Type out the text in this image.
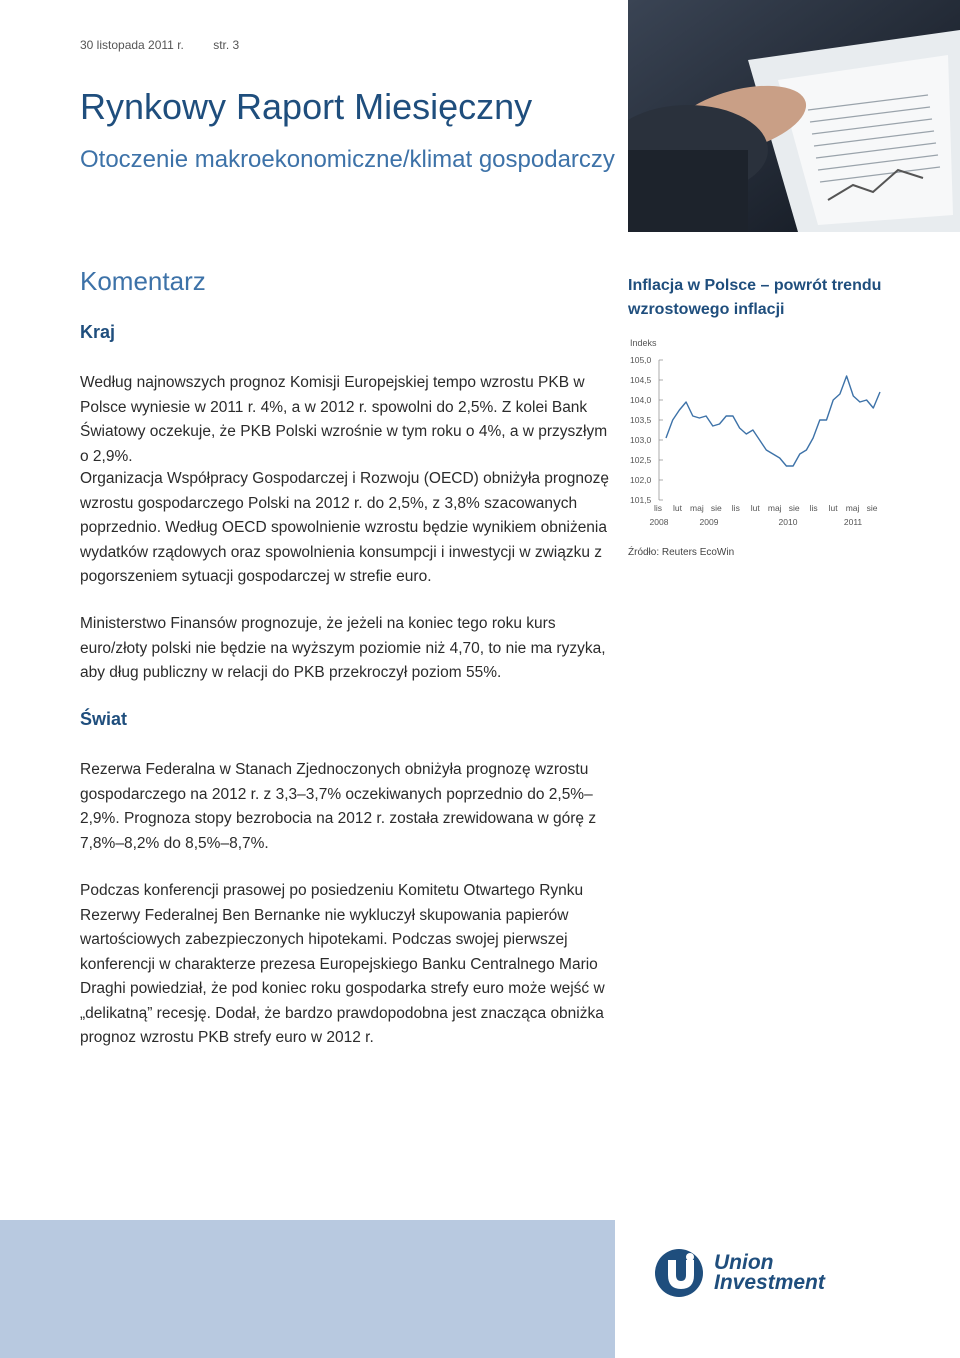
30 listopada 2011 r. str. 3
Rynkowy Raport Miesięczny
Otoczenie makroekonomiczne/klimat gospodarczy
Komentarz
Kraj

Według najnowszych prognoz Komisji Europejskiej tempo wzrostu PKB w Polsce wyniesie w 2011 r. 4%, a w 2012 r. spowolni do 2,5%. Z kolei Bank Światowy oczekuje, że PKB Polski wzrośnie w tym roku o 4%, a w przyszłym o 2,9%.

Organizacja Współpracy Gospodarczej i Rozwoju (OECD) obniżyła prognozę wzrostu gospodarczego Polski na 2012 r. do 2,5%, z 3,8% szacowanych poprzednio. Według OECD spowolnienie wzrostu będzie wynikiem obniżenia wydatków rządowych oraz spowolnienia konsumpcji i inwestycji w związku z pogorszeniem sytuacji gospodarczej w strefie euro.

Ministerstwo Finansów prognozuje, że jeżeli na koniec tego roku kurs euro/złoty polski nie będzie na wyższym poziomie niż 4,70, to nie ma ryzyka, aby dług publiczny w relacji do PKB przekroczył poziom 55%.

Świat

Rezerwa Federalna w Stanach Zjednoczonych obniżyła prognozę wzrostu gospodarczego na 2012 r. z 3,3–3,7% oczekiwanych poprzednio do 2,5%–2,9%. Prognoza stopy bezrobocia na 2012 r. została zrewidowana w górę z 7,8%–8,2% do 8,5%–8,7%.

Podczas konferencji prasowej po posiedzeniu Komitetu Otwartego Rynku Rezerwy Federalnej Ben Bernanke nie wykluczył skupowania papierów wartościowych zabezpieczonych hipotekami. Podczas swojej pierwszej konferencji w charakterze prezesa Europejskiego Banku Centralnego Mario Draghi powiedział, że pod koniec roku gospodarka strefy euro może wejść w „delikatną” recesję. Dodał, że bardzo prawdopodobna jest znacząca obniżka prognoz wzrostu PKB strefy euro w 2012 r.

Inflacja w Polsce – powrót trendu wzrostowego inflacji
Indeks
105,0
104,5
104,0
103,5
103,0
102,5
102,0
101,5
lis lut maj sie lis lut maj sie lis lut maj sie
2008	2009	2010	2011
Źródło: Reuters EcoWin
Union
Investment
